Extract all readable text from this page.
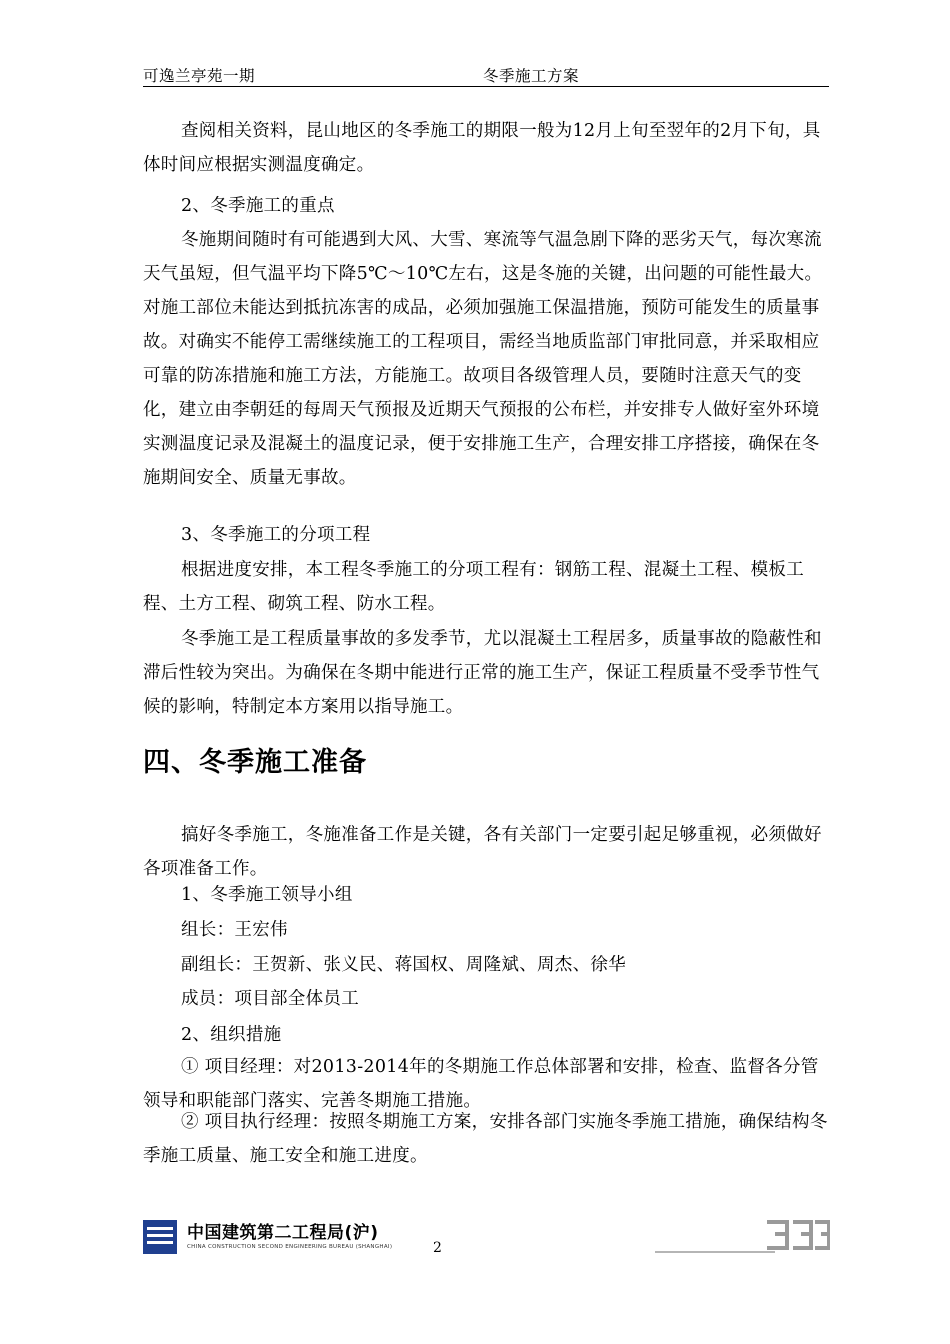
可逸兰亭苑一期	冬季施工方案

查阅相关资料，昆山地区的冬季施工的期限一般为12月上旬至翌年的2月下旬，具体时间应根据实测温度确定。

2、冬季施工的重点

冬施期间随时有可能遇到大风、大雪、寒流等气温急剧下降的恶劣天气，每次寒流天气虽短，但气温平均下降5℃～10℃左右，这是冬施的关键，出问题的可能性最大。对施工部位未能达到抵抗冻害的成品，必须加强施工保温措施，预防可能发生的质量事故。对确实不能停工需继续施工的工程项目，需经当地质监部门审批同意，并采取相应可靠的防冻措施和施工方法，方能施工。故项目各级管理人员，要随时注意天气的变化，建立由李朝廷的每周天气预报及近期天气预报的公布栏，并安排专人做好室外环境实测温度记录及混凝土的温度记录，便于安排施工生产，合理安排工序搭接，确保在冬施期间安全、质量无事故。

3、冬季施工的分项工程

根据进度安排，本工程冬季施工的分项工程有：钢筋工程、混凝土工程、模板工程、土方工程、砌筑工程、防水工程。

冬季施工是工程质量事故的多发季节，尤以混凝土工程居多，质量事故的隐蔽性和滞后性较为突出。为确保在冬期中能进行正常的施工生产，保证工程质量不受季节性气候的影响，特制定本方案用以指导施工。

四、冬季施工准备

搞好冬季施工，冬施准备工作是关键，各有关部门一定要引起足够重视，必须做好各项准备工作。

1、冬季施工领导小组

组长：王宏伟

副组长：王贺新、张义民、蒋国权、周隆斌、周杰、徐华

成员：项目部全体员工

2、组织措施

① 项目经理：对2013-2014年的冬期施工作总体部署和安排，检查、监督各分管领导和职能部门落实、完善冬期施工措施。

② 项目执行经理：按照冬期施工方案，安排各部门实施冬季施工措施，确保结构冬季施工质量、施工安全和施工进度。

中国建筑第二工程局(沪)
CHINA CONSTRUCTION SECOND ENGINEERING BUREAU (SHANGHAI)	2
